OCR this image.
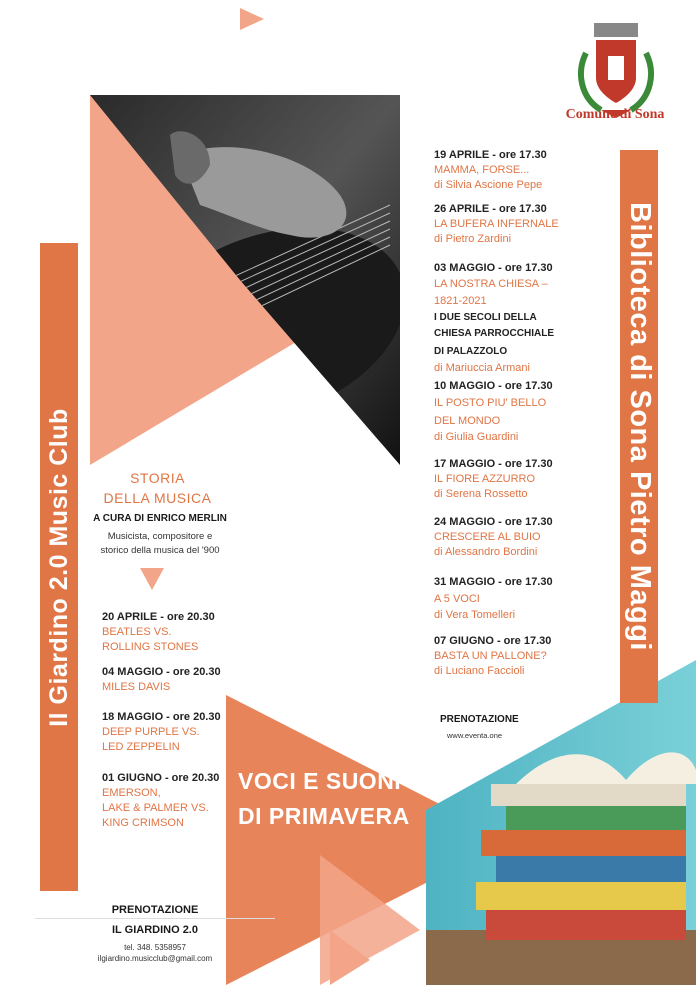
Comune di Sona
Il Giardino 2.0 Music Club	Biblioteca di Sona Pietro Maggi
STORIA
DELLA MUSICA
A CURA DI ENRICO MERLIN
Musicista, compositore e
storico della musica del '900
20 APRILE - ore 20.30
BEATLES VS.
ROLLING STONES
04 MAGGIO - ore 20.30
MILES DAVIS
18 MAGGIO - ore 20.30
DEEP PURPLE VS.
LED ZEPPELIN
01 GIUGNO - ore 20.30
EMERSON,
LAKE & PALMER VS.
KING CRIMSON
VOCI E SUONI
DI PRIMAVERA
PRENOTAZIONE
IL GIARDINO 2.0
tel. 348. 5358957
ilgiardino.musicclub@gmail.com
19 APRILE - ore 17.30
MAMMA, FORSE...
di Silvia Ascione Pepe
26 APRILE - ore 17.30
LA BUFERA INFERNALE
di Pietro Zardini
03 MAGGIO - ore 17.30
LA NOSTRA CHIESA –
1821-2021
I DUE SECOLI DELLA
CHIESA PARROCCHIALE
DI PALAZZOLO
di Mariuccia Armani
10 MAGGIO - ore 17.30
IL POSTO PIU' BELLO
DEL MONDO
di Giulia Guardini
17 MAGGIO - ore 17.30
IL FIORE AZZURRO
di Serena Rossetto
24 MAGGIO - ore 17.30
CRESCERE AL BUIO
di Alessandro Bordini
31 MAGGIO - ore 17.30
A 5 VOCI
di Vera Tomelleri
07 GIUGNO - ore 17.30
BASTA UN PALLONE?
di Luciano Faccioli
PRENOTAZIONE
www.eventa.one
